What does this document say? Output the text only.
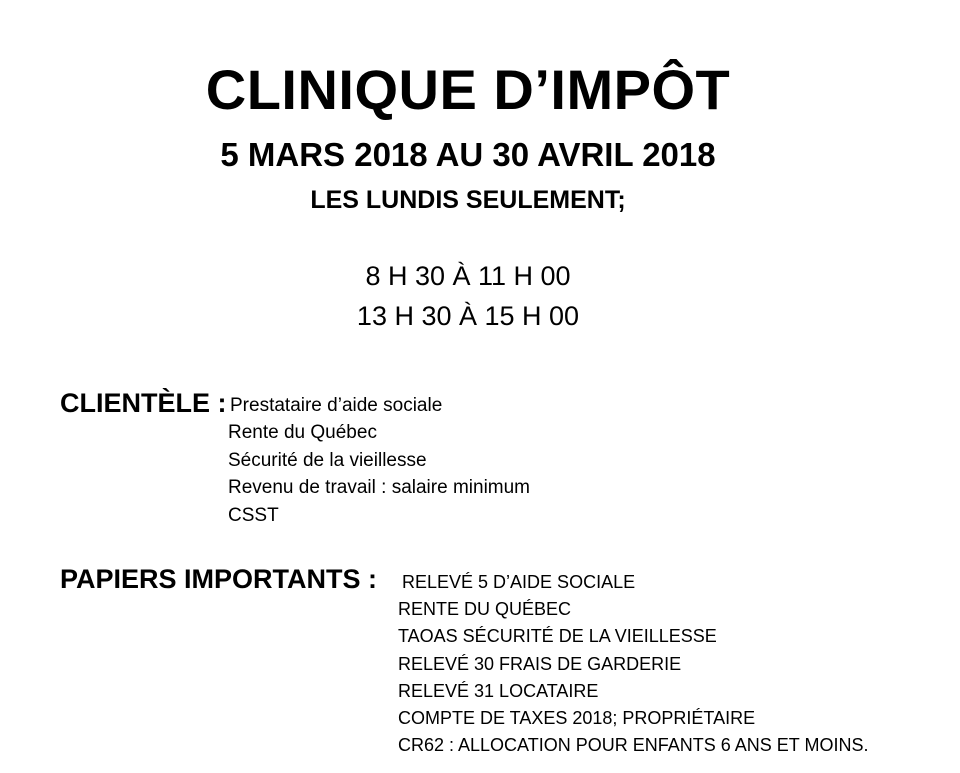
CLINIQUE D’IMPÔT
5 MARS 2018 AU 30 AVRIL 2018
LES LUNDIS SEULEMENT;
8 H 30 À 11 H 00
13 H 30 À 15 H 00
CLIENTÈLE : Prestataire d’aide sociale
Rente du Québec
Sécurité de la vieillesse
Revenu de travail : salaire minimum
CSST
PAPIERS IMPORTANTS : RELEVÉ 5 D’AIDE SOCIALE
RENTE DU QUÉBEC
TAOAS SÉCURITÉ DE LA VIEILLESSE
RELEVÉ 30 FRAIS DE GARDERIE
RELEVÉ 31 LOCATAIRE
COMPTE DE TAXES 2018; PROPRIÉTAIRE
CR62 : ALLOCATION POUR ENFANTS 6 ANS ET MOINS.
